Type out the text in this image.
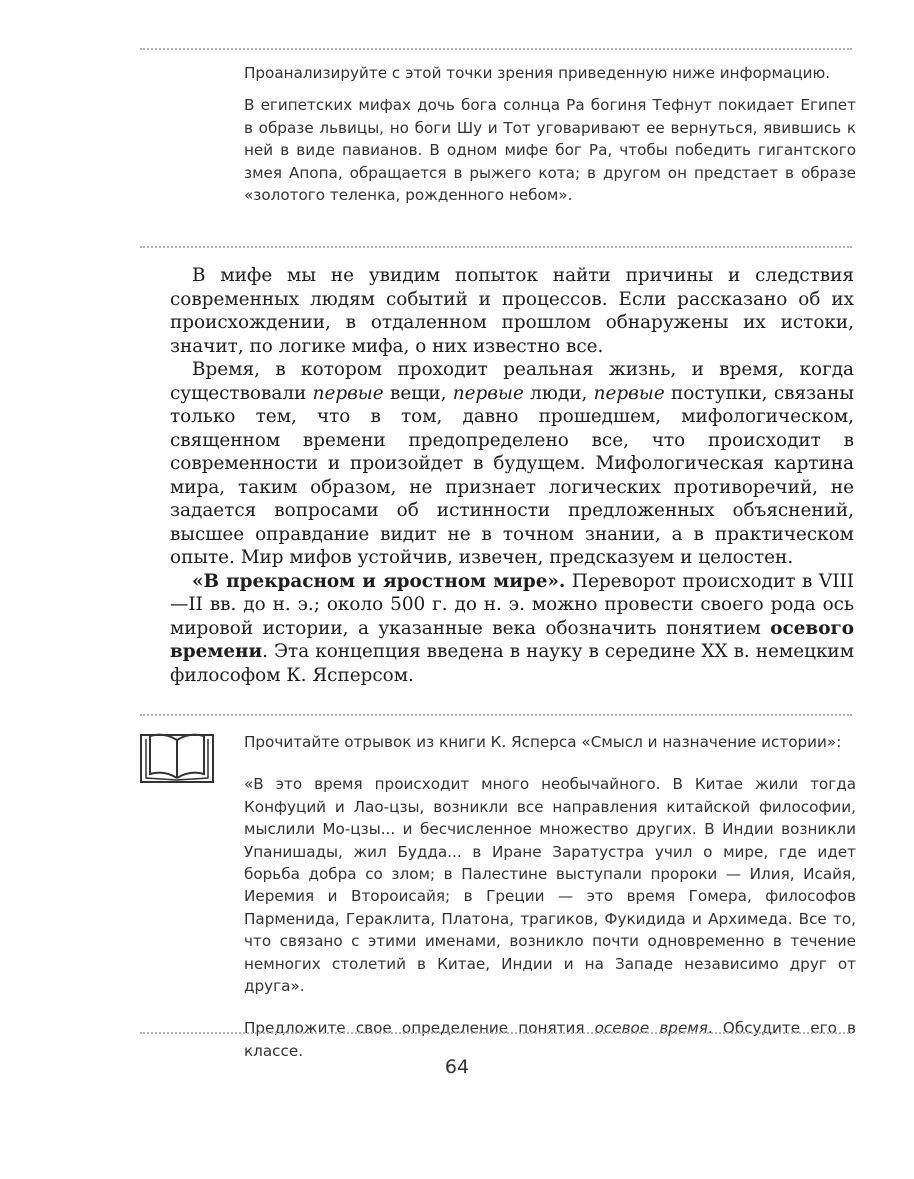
Проанализируйте с этой точки зрения приведенную ниже информацию.

В египетских мифах дочь бога солнца Ра богиня Тефнут покидает Египет в образе львицы, но боги Шу и Тот уговаривают ее вернуться, явившись к ней в виде павианов. В одном мифе бог Ра, чтобы победить гигантского змея Апопа, обращается в рыжего кота; в другом он предстает в образе «золотого теленка, рожденного небом».

В мифе мы не увидим попыток найти причины и следствия современных людям событий и процессов. Если рассказано об их происхождении, в отдаленном прошлом обнаружены их истоки, значит, по логике мифа, о них известно все.

Время, в котором проходит реальная жизнь, и время, когда существовали первые вещи, первые люди, первые поступки, связаны только тем, что в том, давно прошедшем, мифологическом, священном времени предопределено все, что происходит в современности и произойдет в будущем. Мифологическая картина мира, таким образом, не признает логических противоречий, не задается вопросами об истинности предложенных объяснений, высшее оправдание видит не в точном знании, а в практическом опыте. Мир мифов устойчив, извечен, предсказуем и целостен.

«В прекрасном и яростном мире». Переворот происходит в VIII—II вв. до н. э.; около 500 г. до н. э. можно провести своего рода ось мировой истории, а указанные века обозначить понятием осевого времени. Эта концепция введена в науку в середине XX в. немецким философом К. Ясперсом.

Прочитайте отрывок из книги К. Ясперса «Смысл и назначение истории»:

«В это время происходит много необычайного. В Китае жили тогда Конфуций и Лао-цзы, возникли все направления китайской философии, мыслили Мо-цзы... и бесчисленное множество других. В Индии возникли Упанишады, жил Будда... в Иране Заратустра учил о мире, где идет борьба добра со злом; в Палестине выступали пророки — Илия, Исайя, Иеремия и Второисайя; в Греции — это время Гомера, философов Парменида, Гераклита, Платона, трагиков, Фукидида и Архимеда. Все то, что связано с этими именами, возникло почти одновременно в течение немногих столетий в Китае, Индии и на Западе независимо друг от друга».

Предложите свое определение понятия осевое время. Обсудите его в классе.

64
